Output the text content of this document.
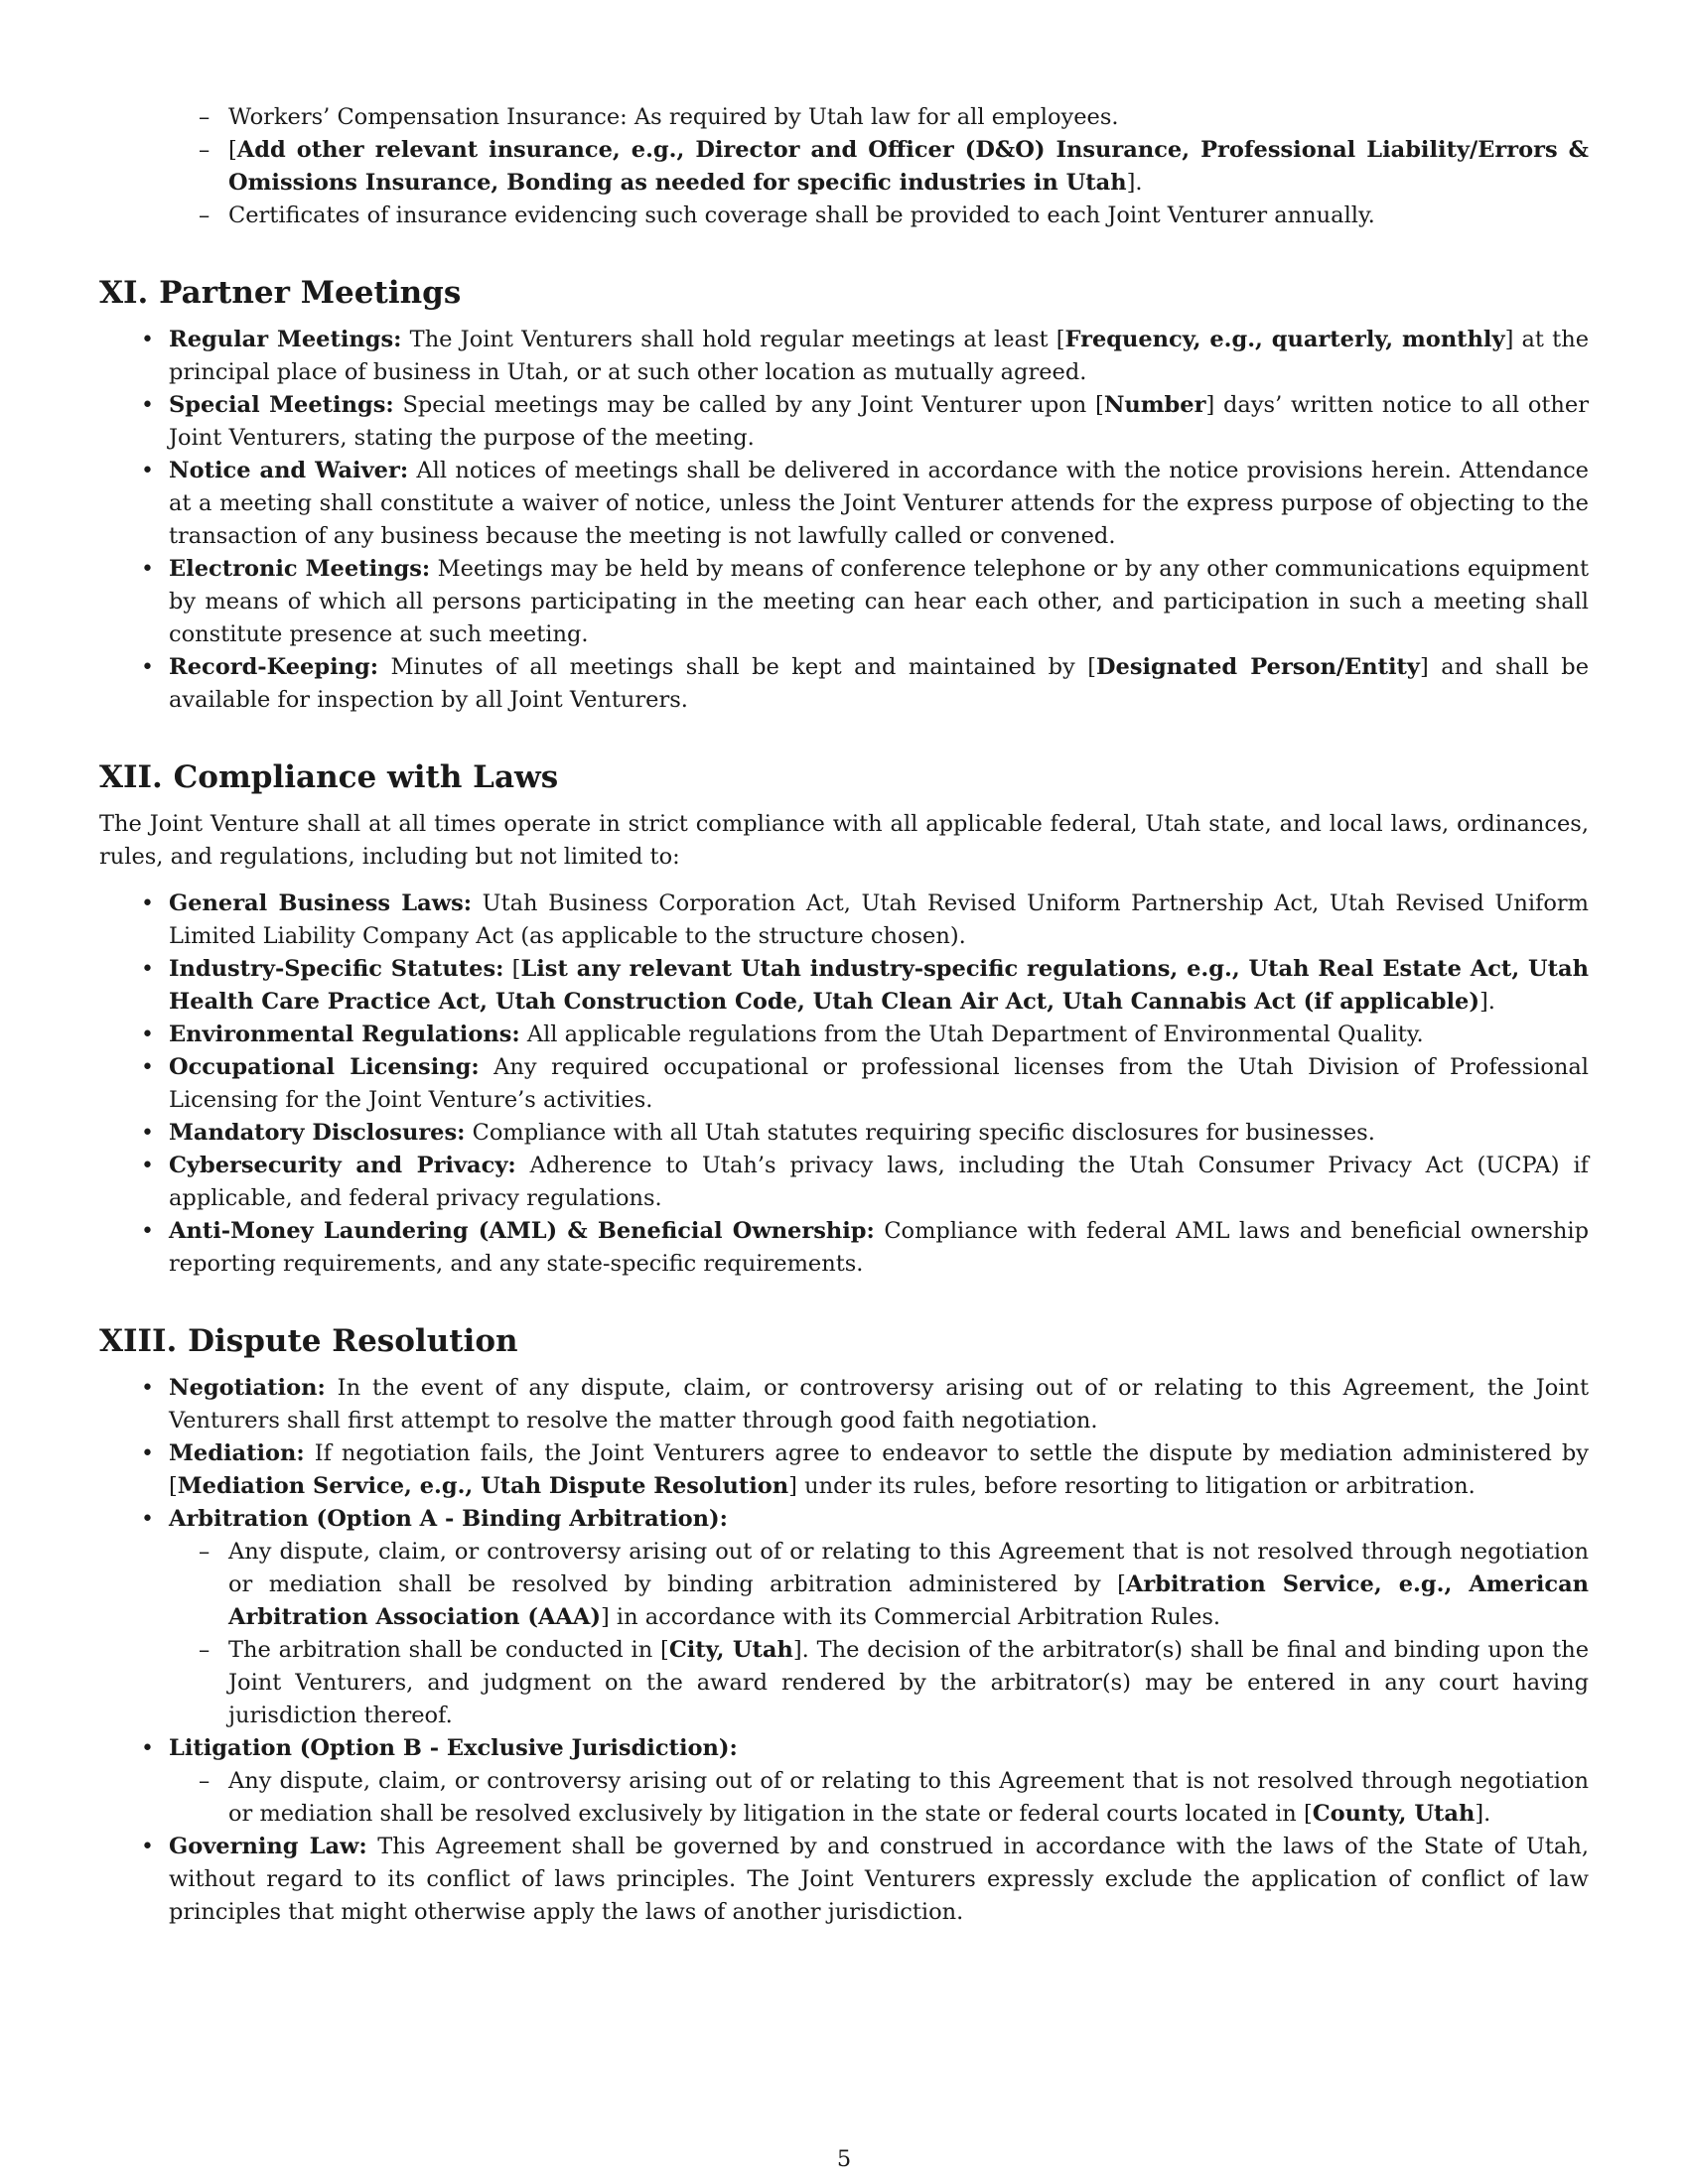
– Workers’ Compensation Insurance: As required by Utah law for all employees.
– [Add other relevant insurance, e.g., Director and Officer (D&O) Insurance, Professional Liability/Errors & Omissions Insurance, Bonding as needed for specific industries in Utah].
– Certificates of insurance evidencing such coverage shall be provided to each Joint Venturer annually.
XI. Partner Meetings
• Regular Meetings: The Joint Venturers shall hold regular meetings at least [Frequency, e.g., quarterly, monthly] at the principal place of business in Utah, or at such other location as mutually agreed.
• Special Meetings: Special meetings may be called by any Joint Venturer upon [Number] days’ written notice to all other Joint Venturers, stating the purpose of the meeting.
• Notice and Waiver: All notices of meetings shall be delivered in accordance with the notice provisions herein. Attendance at a meeting shall constitute a waiver of notice, unless the Joint Venturer attends for the express purpose of objecting to the transaction of any business because the meeting is not lawfully called or convened.
• Electronic Meetings: Meetings may be held by means of conference telephone or by any other communications equipment by means of which all persons participating in the meeting can hear each other, and participation in such a meeting shall constitute presence at such meeting.
• Record-Keeping: Minutes of all meetings shall be kept and maintained by [Designated Person/Entity] and shall be available for inspection by all Joint Venturers.
XII. Compliance with Laws

The Joint Venture shall at all times operate in strict compliance with all applicable federal, Utah state, and local laws, ordinances, rules, and regulations, including but not limited to:

• General Business Laws: Utah Business Corporation Act, Utah Revised Uniform Partnership Act, Utah Revised Uniform Limited Liability Company Act (as applicable to the structure chosen).
• Industry-Specific Statutes: [List any relevant Utah industry-specific regulations, e.g., Utah Real Estate Act, Utah Health Care Practice Act, Utah Construction Code, Utah Clean Air Act, Utah Cannabis Act (if applicable)].
• Environmental Regulations: All applicable regulations from the Utah Department of Environmental Quality.
• Occupational Licensing: Any required occupational or professional licenses from the Utah Division of Professional Licensing for the Joint Venture’s activities.
• Mandatory Disclosures: Compliance with all Utah statutes requiring specific disclosures for businesses.
• Cybersecurity and Privacy: Adherence to Utah’s privacy laws, including the Utah Consumer Privacy Act (UCPA) if applicable, and federal privacy regulations.
• Anti-Money Laundering (AML) & Beneficial Ownership: Compliance with federal AML laws and beneficial ownership reporting requirements, and any state-specific requirements.
XIII. Dispute Resolution
• Negotiation: In the event of any dispute, claim, or controversy arising out of or relating to this Agreement, the Joint Venturers shall first attempt to resolve the matter through good faith negotiation.
• Mediation: If negotiation fails, the Joint Venturers agree to endeavor to settle the dispute by mediation administered by [Mediation Service, e.g., Utah Dispute Resolution] under its rules, before resorting to litigation or arbitration.
• Arbitration (Option A - Binding Arbitration):
– Any dispute, claim, or controversy arising out of or relating to this Agreement that is not resolved through negotiation or mediation shall be resolved by binding arbitration administered by [Arbitration Service, e.g., American Arbitration Association (AAA)] in accordance with its Commercial Arbitration Rules.
– The arbitration shall be conducted in [City, Utah]. The decision of the arbitrator(s) shall be final and binding upon the Joint Venturers, and judgment on the award rendered by the arbitrator(s) may be entered in any court having jurisdiction thereof.
• Litigation (Option B - Exclusive Jurisdiction):
– Any dispute, claim, or controversy arising out of or relating to this Agreement that is not resolved through negotiation or mediation shall be resolved exclusively by litigation in the state or federal courts located in [County, Utah].
• Governing Law: This Agreement shall be governed by and construed in accordance with the laws of the State of Utah, without regard to its conflict of laws principles. The Joint Venturers expressly exclude the application of conflict of law principles that might otherwise apply the laws of another jurisdiction.
5
